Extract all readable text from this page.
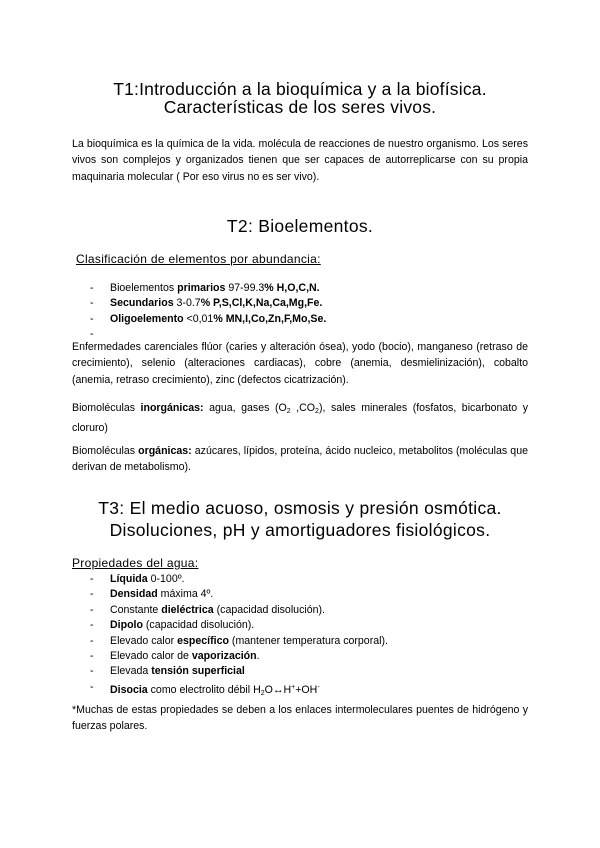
T1:Introducción a la bioquímica y a la biofísica.
Características de los seres vivos.
La bioquímica es la química de la vida. molécula de reacciones de nuestro organismo. Los seres vivos son complejos y organizados tienen que ser capaces de autorreplicarse con su propia maquinaria molecular ( Por eso virus no es ser vivo).
T2: Bioelementos.
Clasificación de elementos por abundancia:
- Bioelementos primarios 97-99.3% H,O,C,N.
- Secundarios 3-0.7% P,S,Cl,K,Na,Ca,Mg,Fe.
- Oligoelemento <0,01% MN,I,Co,Zn,F,Mo,Se.
-

Enfermedades carenciales flúor (caries y alteración ósea), yodo (bocio), manganeso (retraso de crecimiento), selenio (alteraciones cardiacas), cobre (anemia, desmielinización), cobalto (anemia, retraso crecimiento), zinc (defectos cicatrización).
Biomoléculas inorgánicas: agua, gases ($O_2$ $,CO_2$), sales minerales (fosfatos, bicarbonato y cloruro)
Biomoléculas orgánicas: azúcares, lípidos, proteína, ácido nucleico, metabolitos (moléculas que derivan de metabolismo).
T3: El medio acuoso, osmosis y presión osmótica.
Disoluciones, pH y amortiguadores fisiológicos.
Propiedades del agua:
- Líquida 0-100º.
- Densidad máxima 4º.
- Constante dieléctrica (capacidad disolución).
- Dipolo (capacidad disolución).
- Elevado calor específico (mantener temperatura corporal).
- Elevado calor de vaporización.
- Elevada tensión superficial
- Disocia como electrolito débil $H_2O\leftrightarrow H^++OH^-$
*Muchas de estas propiedades se deben a los enlaces intermoleculares puentes de hidrógeno y fuerzas polares.
